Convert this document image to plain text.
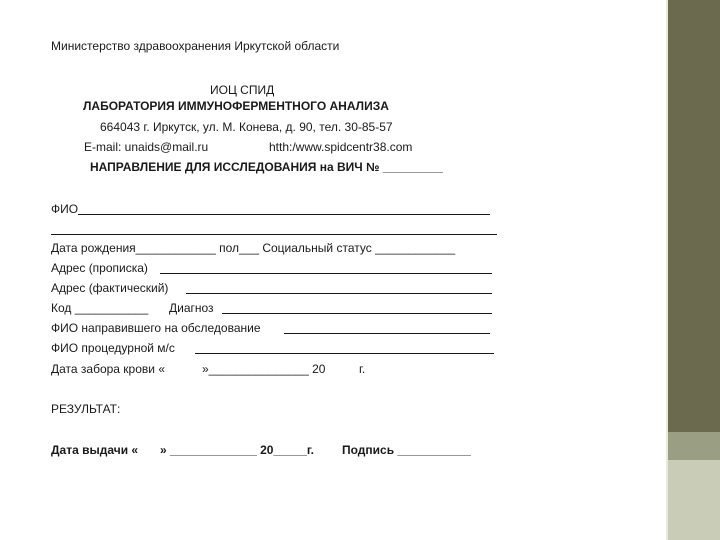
Министерство здравоохранения Иркутской области
ИОЦ СПИД
ЛАБОРАТОРИЯ ИММУНОФЕРМЕНТНОГО АНАЛИЗА
664043 г. Иркутск, ул. М. Конева, д. 90, тел. 30-85-57
E-mail: unaids@mail.ru	htth:/www.spidcentr38.com
НАПРАВЛЕНИЕ ДЛЯ ИССЛЕДОВАНИЯ на ВИЧ № _________
ФИО
Дата рождения____________ пол___ Социальный статус ____________
Адрес (прописка)
Адрес (фактический)
Код ___________ Диагноз
ФИО направившего на обследование
ФИО процедурной м/с
Дата забора крови «	»_______________ 20	г.
РЕЗУЛЬТАТ:
Дата выдачи « » _____________ 20_____г. Подпись ___________
